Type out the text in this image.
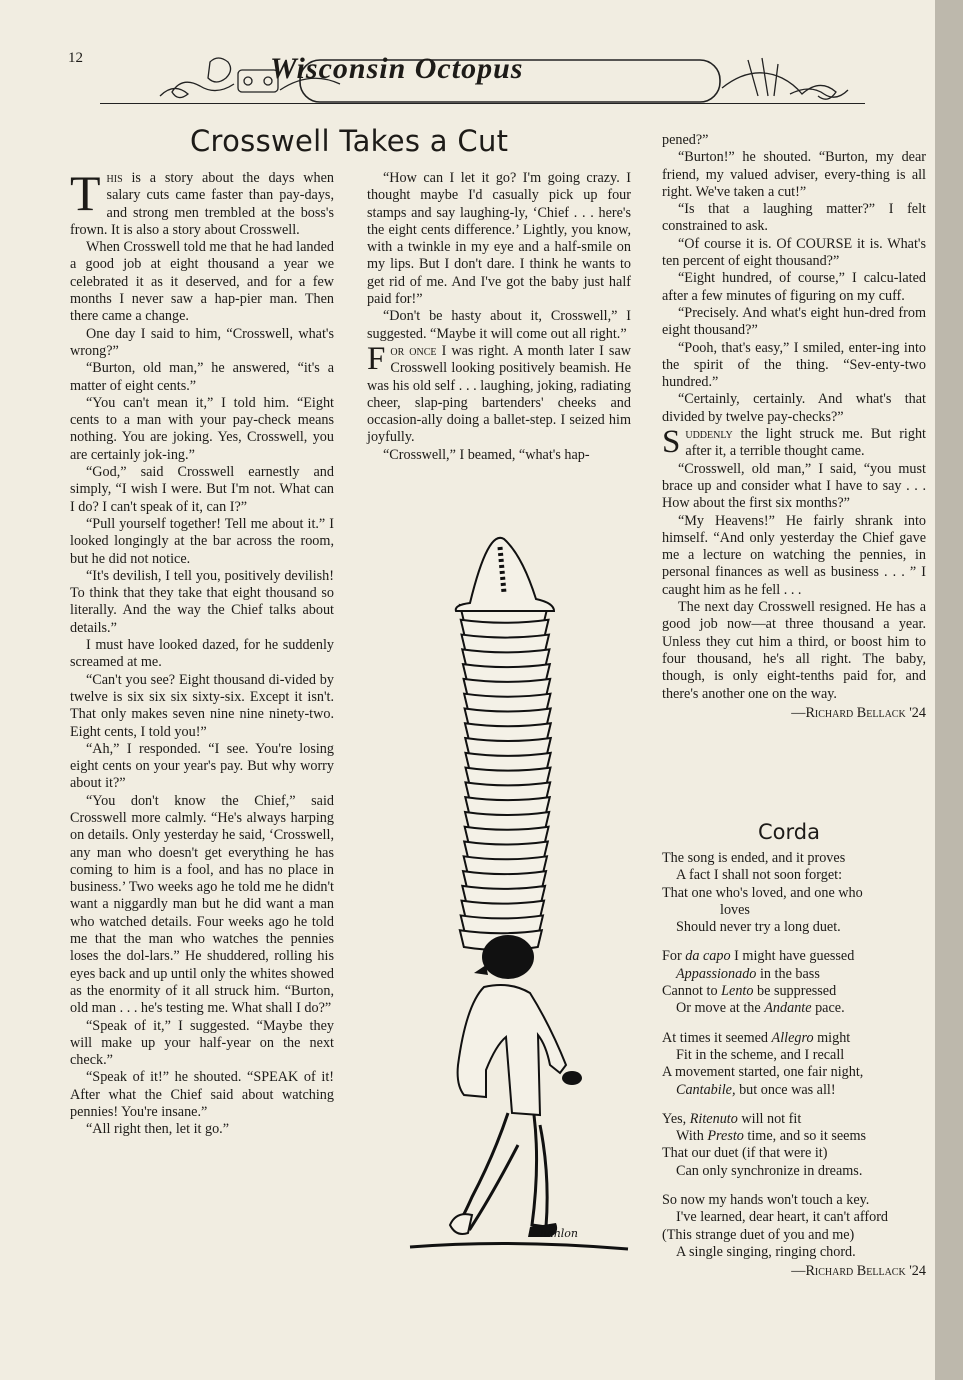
12	Wisconsin Octopus
Crosswell Takes a Cut

This is a story about the days when salary cuts came faster than pay-days, and strong men trembled at the boss's frown. It is also a story about Crosswell.

When Crosswell told me that he had landed a good job at eight thousand a year we celebrated it as it deserved, and for a few months I never saw a hap-pier man. Then there came a change.

One day I said to him, “Crosswell, what's wrong?”

“Burton, old man,” he answered, “it's a matter of eight cents.”

“You can't mean it,” I told him. “Eight cents to a man with your pay-check means nothing. You are joking. Yes, Crosswell, you are certainly jok-ing.”

“God,” said Crosswell earnestly and simply, “I wish I were. But I'm not. What can I do? I can't speak of it, can I?”

“Pull yourself together! Tell me about it.” I looked longingly at the bar across the room, but he did not notice.

“It's devilish, I tell you, positively devilish! To think that they take that eight thousand so literally. And the way the Chief talks about details.”

I must have looked dazed, for he suddenly screamed at me.

“Can't you see? Eight thousand di-vided by twelve is six six six sixty-six. Except it isn't. That only makes seven nine nine ninety-two. Eight cents, I told you!”

“Ah,” I responded. “I see. You're losing eight cents on your year's pay. But why worry about it?”

“You don't know the Chief,” said Crosswell more calmly. “He's always harping on details. Only yesterday he said, ‘Crosswell, any man who doesn't get everything he has coming to him is a fool, and has no place in business.’ Two weeks ago he told me he didn't want a niggardly man but he did want a man who watched details. Four weeks ago he told me that the man who watches the pennies loses the dol-lars.” He shuddered, rolling his eyes back and up until only the whites showed as the enormity of it all struck him. “Burton, old man . . . he's testing me. What shall I do?”

“Speak of it,” I suggested. “Maybe they will make up your half-year on the next check.”

“Speak of it!” he shouted. “SPEAK of it! After what the Chief said about watching pennies! You're insane.”

“All right then, let it go.”

“How can I let it go? I'm going crazy. I thought maybe I'd casually pick up four stamps and say laughing-ly, ‘Chief . . . here's the eight cents difference.’ Lightly, you know, with a twinkle in my eye and a half-smile on my lips. But I don't dare. I think he wants to get rid of me. And I've got the baby just half paid for!”

“Don't be hasty about it, Crosswell,” I suggested. “Maybe it will come out all right.”

For once I was right. A month later I saw Crosswell looking positively beamish. He was his old self . . . laughing, joking, radiating cheer, slap-ping bartenders' cheeks and occasion-ally doing a ballet-step. I seized him joyfully.

“Crosswell,” I beamed, “what's hap-

hanlon

pened?”

“Burton!” he shouted. “Burton, my dear friend, my valued adviser, every-thing is all right. We've taken a cut!”

“Is that a laughing matter?” I felt constrained to ask.

“Of course it is. Of COURSE it is. What's ten percent of eight thousand?”

“Eight hundred, of course,” I calcu-lated after a few minutes of figuring on my cuff.

“Precisely. And what's eight hun-dred from eight thousand?”

“Pooh, that's easy,” I smiled, enter-ing into the spirit of the thing. “Sev-enty-two hundred.”

“Certainly, certainly. And what's that divided by twelve pay-checks?”

Suddenly the light struck me. But right after it, a terrible thought came.

“Crosswell, old man,” I said, “you must brace up and consider what I have to say . . . How about the first six months?”

“My Heavens!” He fairly shrank into himself. “And only yesterday the Chief gave me a lecture on watching the pennies, in personal finances as well as business . . . ” I caught him as he fell . . .

The next day Crosswell resigned. He has a good job now—at three thousand a year. Unless they cut him a third, or boost him to four thousand, he's all right. The baby, though, is only eight-tenths paid for, and there's another one on the way.

—Richard Bellack '24

Corda
The song is ended, and it proves
A fact I shall not soon forget:
That one who's loved, and one who
loves
Should never try a long duet.
For da capo I might have guessed
Appassionado in the bass
Cannot to Lento be suppressed
Or move at the Andante pace.
At times it seemed Allegro might
Fit in the scheme, and I recall
A movement started, one fair night,
Cantabile, but once was all!
Yes, Ritenuto will not fit
With Presto time, and so it seems
That our duet (if that were it)
Can only synchronize in dreams.
So now my hands won't touch a key.
I've learned, dear heart, it can't afford
(This strange duet of you and me)
A single singing, ringing chord.
—Richard Bellack '24
